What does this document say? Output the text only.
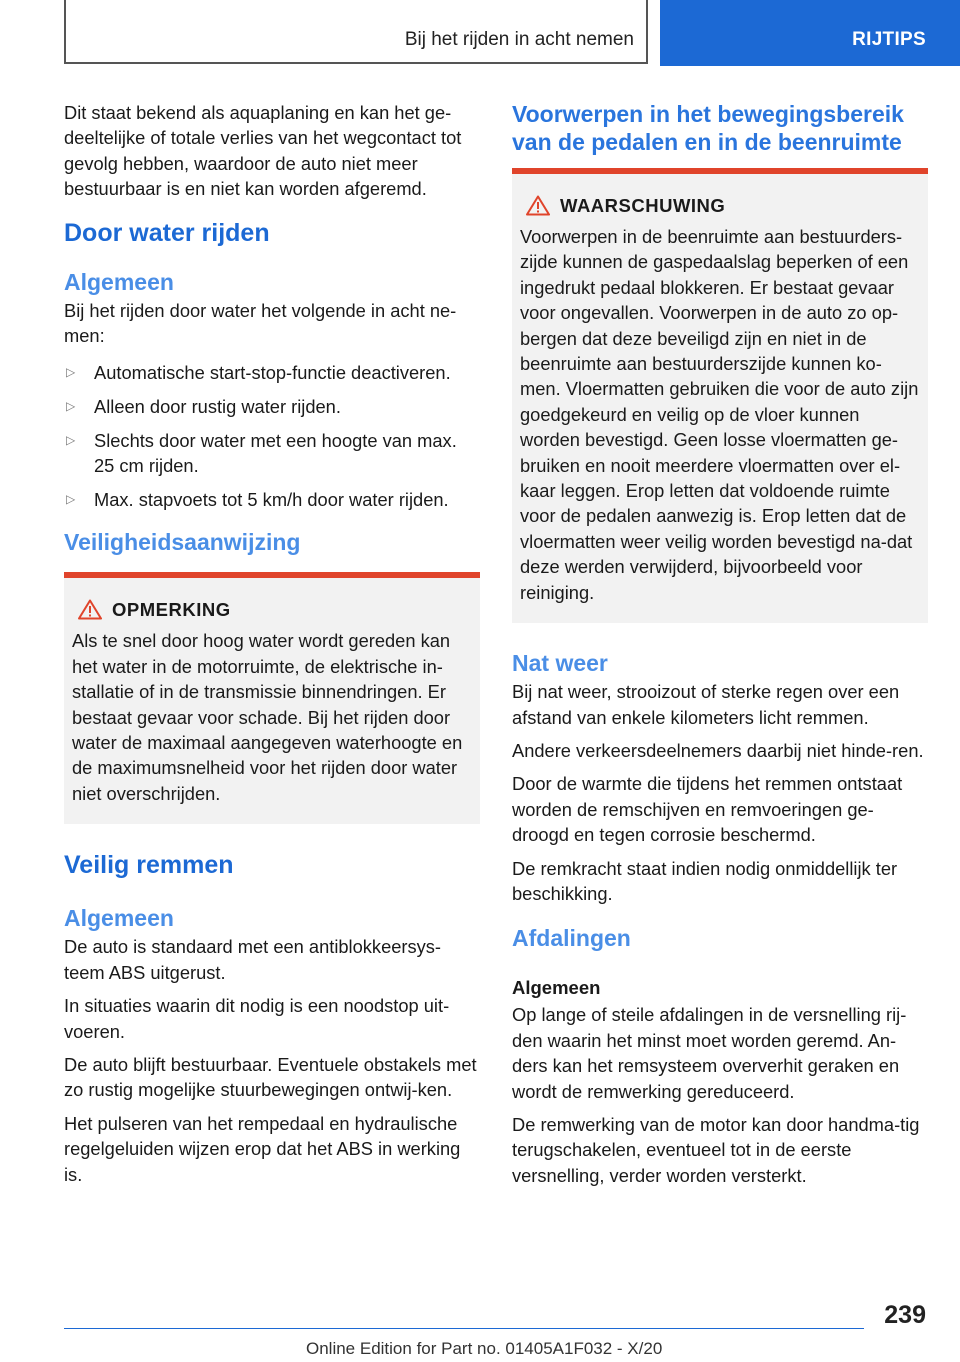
Bij het rijden in acht nemen	RIJTIPS

Dit staat bekend als aquaplaning en kan het ge-deeltelijke of totale verlies van het wegcontact tot gevolg hebben, waardoor de auto niet meer bestuurbaar is en niet kan worden afgeremd.

Door water rijden
Algemeen

Bij het rijden door water het volgende in acht ne-men:

▷ Automatische start-stop-functie deactiveren.
▷ Alleen door rustig water rijden.
▷ Slechts door water met een hoogte van max. 25 cm rijden.
▷ Max. stapvoets tot 5 km/h door water rijden.
Veiligheidsaanwijzing
OPMERKING

Als te snel door hoog water wordt gereden kan het water in de motorruimte, de elektrische in-stallatie of in de transmissie binnendringen. Er bestaat gevaar voor schade. Bij het rijden door water de maximaal aangegeven waterhoogte en de maximumsnelheid voor het rijden door water niet overschrijden.

Veilig remmen
Algemeen

De auto is standaard met een antiblokkeersys-teem ABS uitgerust.

In situaties waarin dit nodig is een noodstop uit-voeren.

De auto blijft bestuurbaar. Eventuele obstakels met zo rustig mogelijke stuurbewegingen ontwij-ken.

Het pulseren van het rempedaal en hydraulische regelgeluiden wijzen erop dat het ABS in werking is.

Voorwerpen in het bewegingsbereik van de pedalen en in de beenruimte
WAARSCHUWING

Voorwerpen in de beenruimte aan bestuurders-zijde kunnen de gaspedaalslag beperken of een ingedrukt pedaal blokkeren. Er bestaat gevaar voor ongevallen. Voorwerpen in de auto zo op-bergen dat deze beveiligd zijn en niet in de beenruimte aan bestuurderszijde kunnen ko-men. Vloermatten gebruiken die voor de auto zijn goedgekeurd en veilig op de vloer kunnen worden bevestigd. Geen losse vloermatten ge-bruiken en nooit meerdere vloermatten over el-kaar leggen. Erop letten dat voldoende ruimte voor de pedalen aanwezig is. Erop letten dat de vloermatten weer veilig worden bevestigd na-dat deze werden verwijderd, bijvoorbeeld voor reiniging.

Nat weer

Bij nat weer, strooizout of sterke regen over een afstand van enkele kilometers licht remmen.

Andere verkeersdeelnemers daarbij niet hinde-ren.

Door de warmte die tijdens het remmen ontstaat worden de remschijven en remvoeringen ge-droogd en tegen corrosie beschermd.

De remkracht staat indien nodig onmiddellijk ter beschikking.

Afdalingen
Algemeen

Op lange of steile afdalingen in de versnelling rij-den waarin het minst moet worden geremd. An-ders kan het remsysteem oververhit geraken en wordt de remwerking gereduceerd.

De remwerking van de motor kan door handma-tig terugschakelen, eventueel tot in de eerste versnelling, verder worden versterkt.

239
Online Edition for Part no. 01405A1F032 - X/20
